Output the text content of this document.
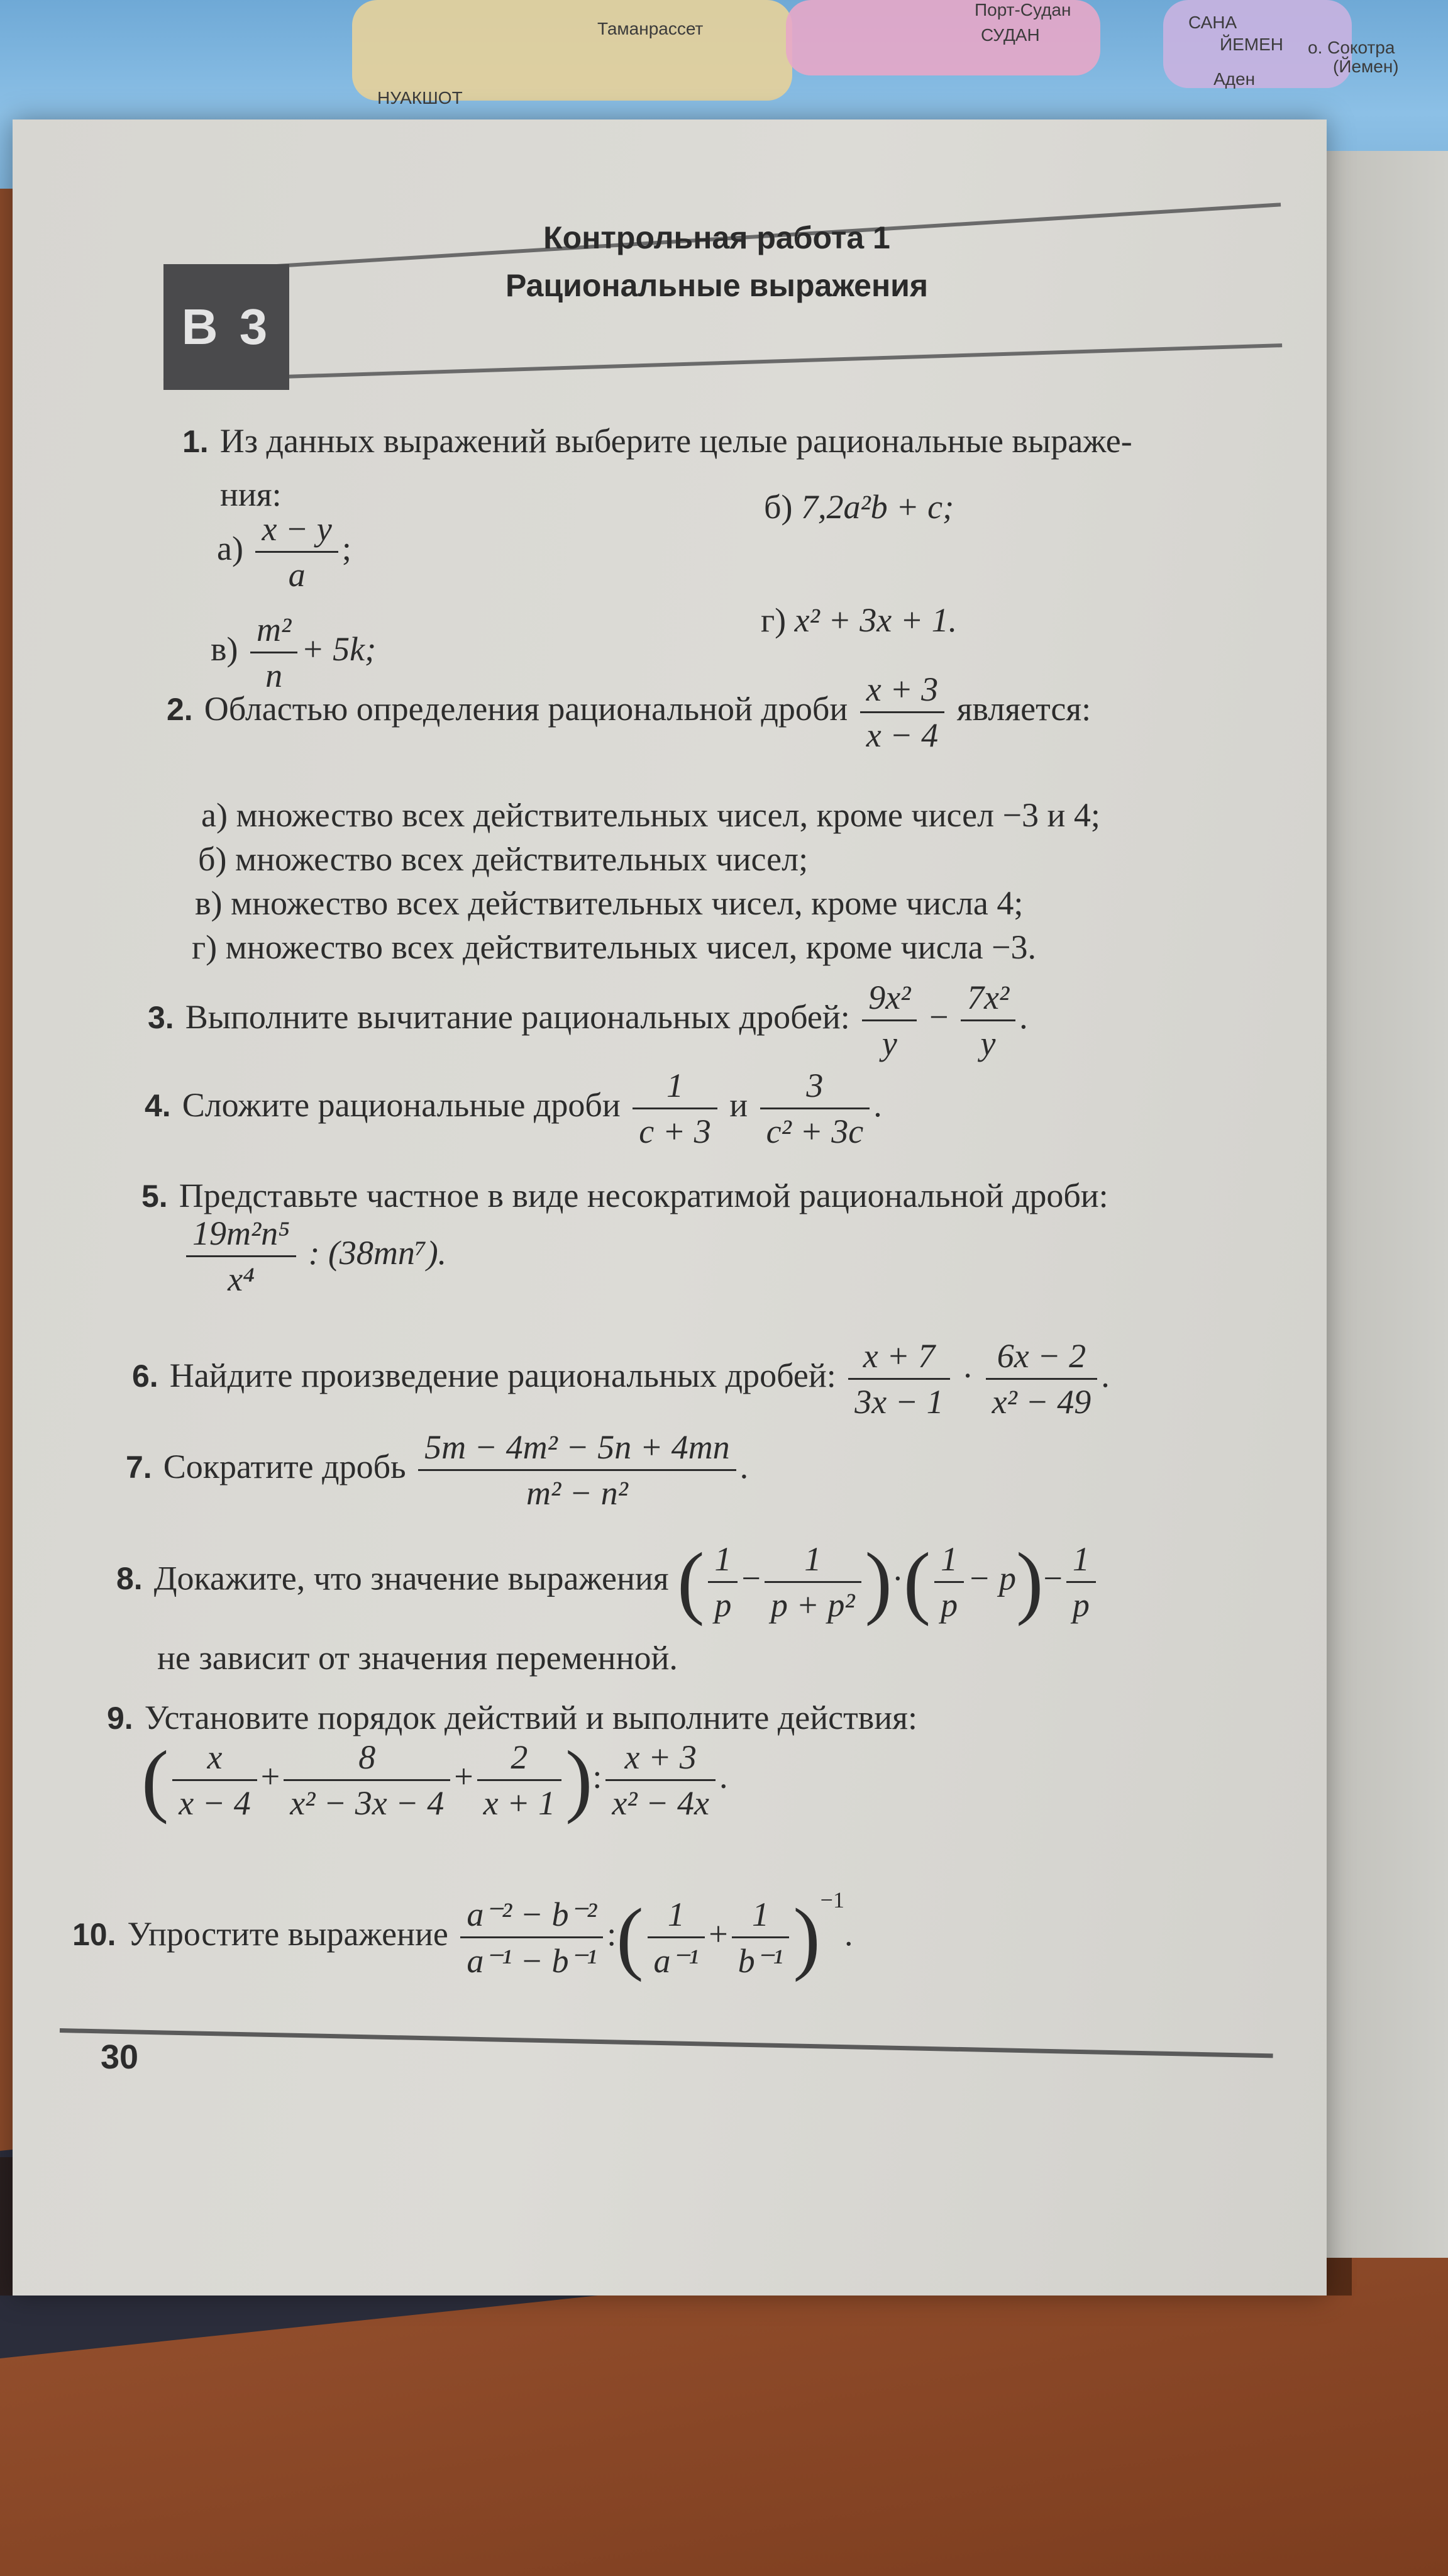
НУАКШОТ
Таманрассет	СУДАН
Порт-Судан
САНА
ЙЕМЕН о. Сокотра
(Йемен)
Аден
В 3
Контрольная работа 1
Рациональные выражения
1. Из данных выражений выберите целые рациональные выраже-
ния:
$а) \frac{x - y}{a}$ ;
б) 7,2a²b + c;
$в) \frac{\text{m²}}{n} + 5k$;
г) x² + 3x + 1.
2. Областью определения рациональной дроби $\frac{x + 3}{x - 4}$ является:
а) множество всех действительных чисел, кроме чисел −3 и 4;
б) множество всех действительных чисел;
в) множество всех действительных чисел, кроме числа 4;
г) множество всех действительных чисел, кроме числа −3.
3. Выполните вычитание рациональных дробей: $\frac{\text{9x²}}{y} - \frac{\text{7x²}}{y}$ .
4. Сложите рациональные дроби $\frac{1}{c + 3}$ и $\frac{3}{\text{c² + 3c}}$ .
5. Представьте частное в виде несократимой рациональной дроби:
$\frac{\text{19m²n⁵}}{\text{x⁴}}$ : (38mn⁷).
6. Найдите произведение рациональных дробей: $\frac{x + 7}{3x - 1} \cdot \frac{6x - 2}{\text{x² − 49}}$ .
7. Сократите дробь $\frac{\text{5m − 4m² − 5n + 4mn}}{\text{m² − n²}}$ .
8. Докажите, что значение выражения ( $\frac{1}{p} - \frac{1}{\text{p + p²}}$ )·( $\frac{1}{p} - p)- \frac{1}{p}$
не зависит от значения переменной.
9. Установите порядок действий и выполните действия:
( $\frac{x}{x - 4} + \frac{8}{\text{x² − 3x − 4}} + \frac{2}{x + 1}$ ): $\frac{x + 3}{\text{x² − 4x}}$ .
10. Упростите выражение $\frac{\text{a⁻² − b⁻²}}{\text{a⁻¹ − b⁻¹}}$ :( $\frac{1}{\text{a⁻¹}} + \frac{1}{\text{b⁻¹}} )^{-1}$.
30
